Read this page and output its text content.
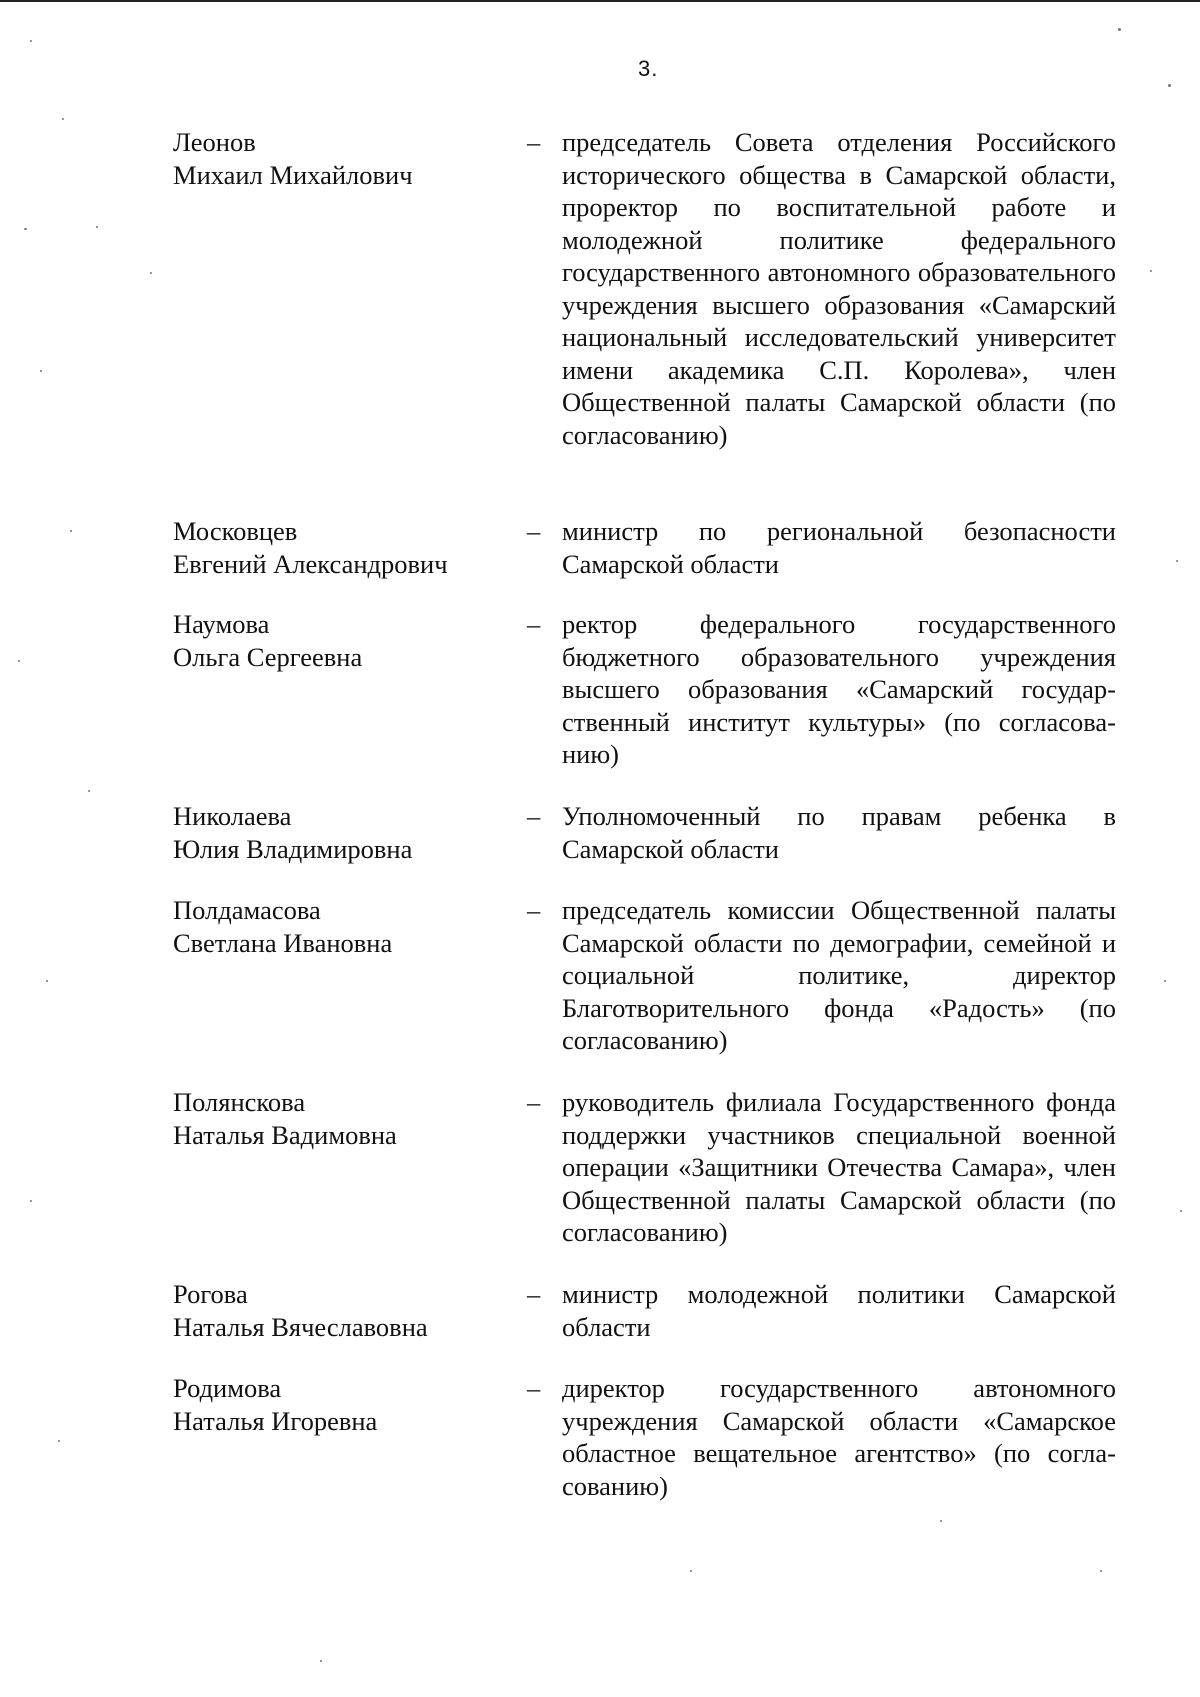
3.
Леонов
Михаил Михайлович
– председатель Совета отделения Российского исторического общества в Самарской области, проректор по воспитательной работе и молодежной политике федерального государственного автономного образовательного учреждения высшего образования «Самарский национальный исследовательский университет имени академика С.П. Королева», член Общественной палаты Самарской области (по согласованию)
Московцев
Евгений Александрович
– министр по региональной безопасности Самарской области
Наумова
Ольга Сергеевна
– ректор федерального государственного бюджетного образовательного учреждения высшего образования «Самарский государственный институт культуры» (по согласованию)
Николаева
Юлия Владимировна
– Уполномоченный по правам ребенка в Самарской области
Полдамасова
Светлана Ивановна
– председатель комиссии Общественной палаты Самарской области по демографии, семейной и социальной политике, директор Благотворительного фонда «Радость» (по согласованию)
Полянскова
Наталья Вадимовна
– руководитель филиала Государственного фонда поддержки участников специальной военной операции «Защитники Отечества Самара», член Общественной палаты Самарской области (по согласованию)
Рогова
Наталья Вячеславовна
– министр молодежной политики Самарской области
Родимова
Наталья Игоревна
– директор государственного автономного учреждения Самарской области «Самарское областное вещательное агентство» (по согласованию)
